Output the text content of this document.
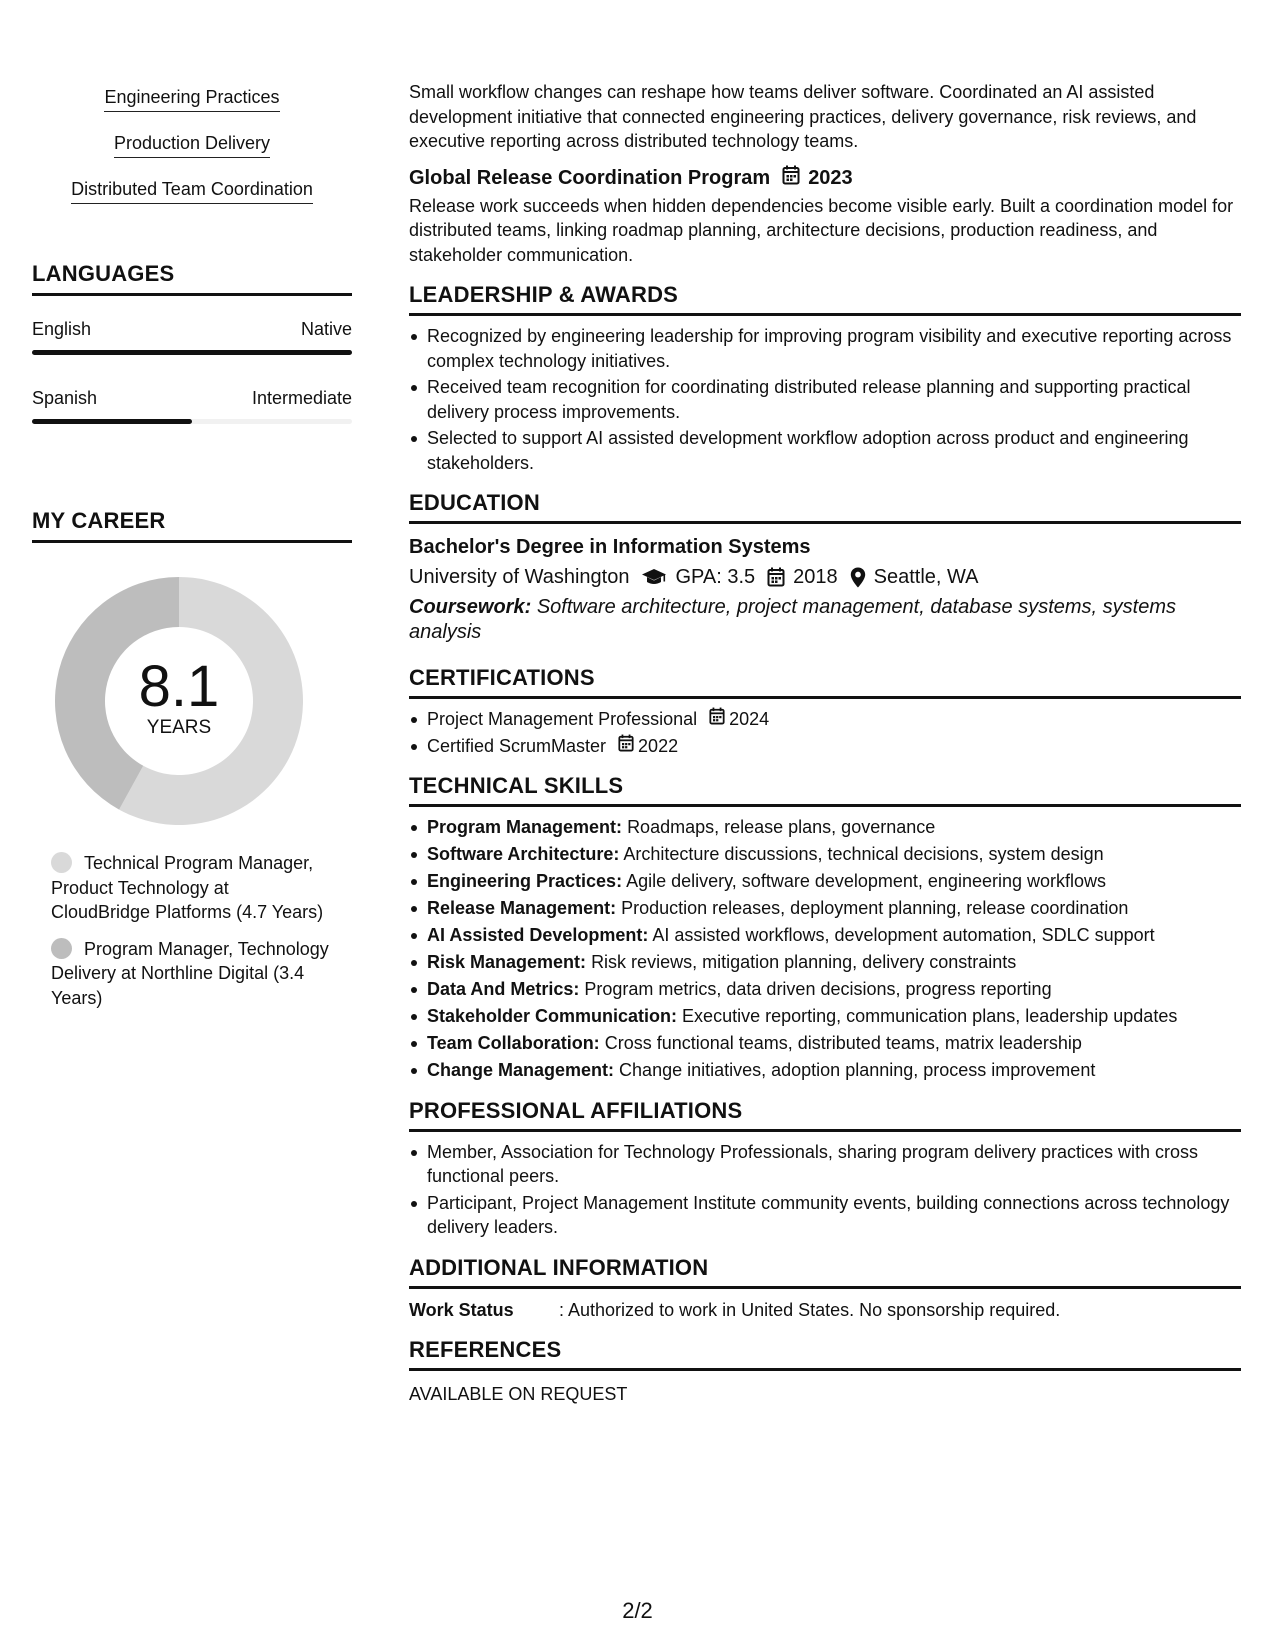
Engineering Practices
Production Delivery
Distributed Team Coordination
LANGUAGES
English	Native
Spanish	Intermediate
MY CAREER
8.1
YEARS
Technical Program Manager, Product Technology at CloudBridge Platforms (4.7 Years)
Program Manager, Technology Delivery at Northline Digital (3.4 Years)

Small workflow changes can reshape how teams deliver software. Coordinated an AI assisted development initiative that connected engineering practices, delivery governance, risk reviews, and executive reporting across distributed technology teams.

Global Release Coordination Program 2023

Release work succeeds when hidden dependencies become visible early. Built a coordination model for distributed teams, linking roadmap planning, architecture decisions, production readiness, and stakeholder communication.

LEADERSHIP & AWARDS
Recognized by engineering leadership for improving program visibility and executive reporting across complex technology initiatives.
Received team recognition for coordinating distributed release planning and supporting practical delivery process improvements.
Selected to support AI assisted development workflow adoption across product and engineering stakeholders.
EDUCATION
Bachelor's Degree in Information Systems
University of Washington GPA: 3.5 2018 Seattle, WA
Coursework: Software architecture, project management, database systems, systems analysis
CERTIFICATIONS
Project Management Professional 2024
Certified ScrumMaster 2022
TECHNICAL SKILLS
Program Management: Roadmaps, release plans, governance
Software Architecture: Architecture discussions, technical decisions, system design
Engineering Practices: Agile delivery, software development, engineering workflows
Release Management: Production releases, deployment planning, release coordination
AI Assisted Development: AI assisted workflows, development automation, SDLC support
Risk Management: Risk reviews, mitigation planning, delivery constraints
Data And Metrics: Program metrics, data driven decisions, progress reporting
Stakeholder Communication: Executive reporting, communication plans, leadership updates
Team Collaboration: Cross functional teams, distributed teams, matrix leadership
Change Management: Change initiatives, adoption planning, process improvement
PROFESSIONAL AFFILIATIONS
Member, Association for Technology Professionals, sharing program delivery practices with cross functional peers.
Participant, Project Management Institute community events, building connections across technology delivery leaders.
ADDITIONAL INFORMATION
Work Status	: Authorized to work in United States. No sponsorship required.
REFERENCES
AVAILABLE ON REQUEST
2/2
